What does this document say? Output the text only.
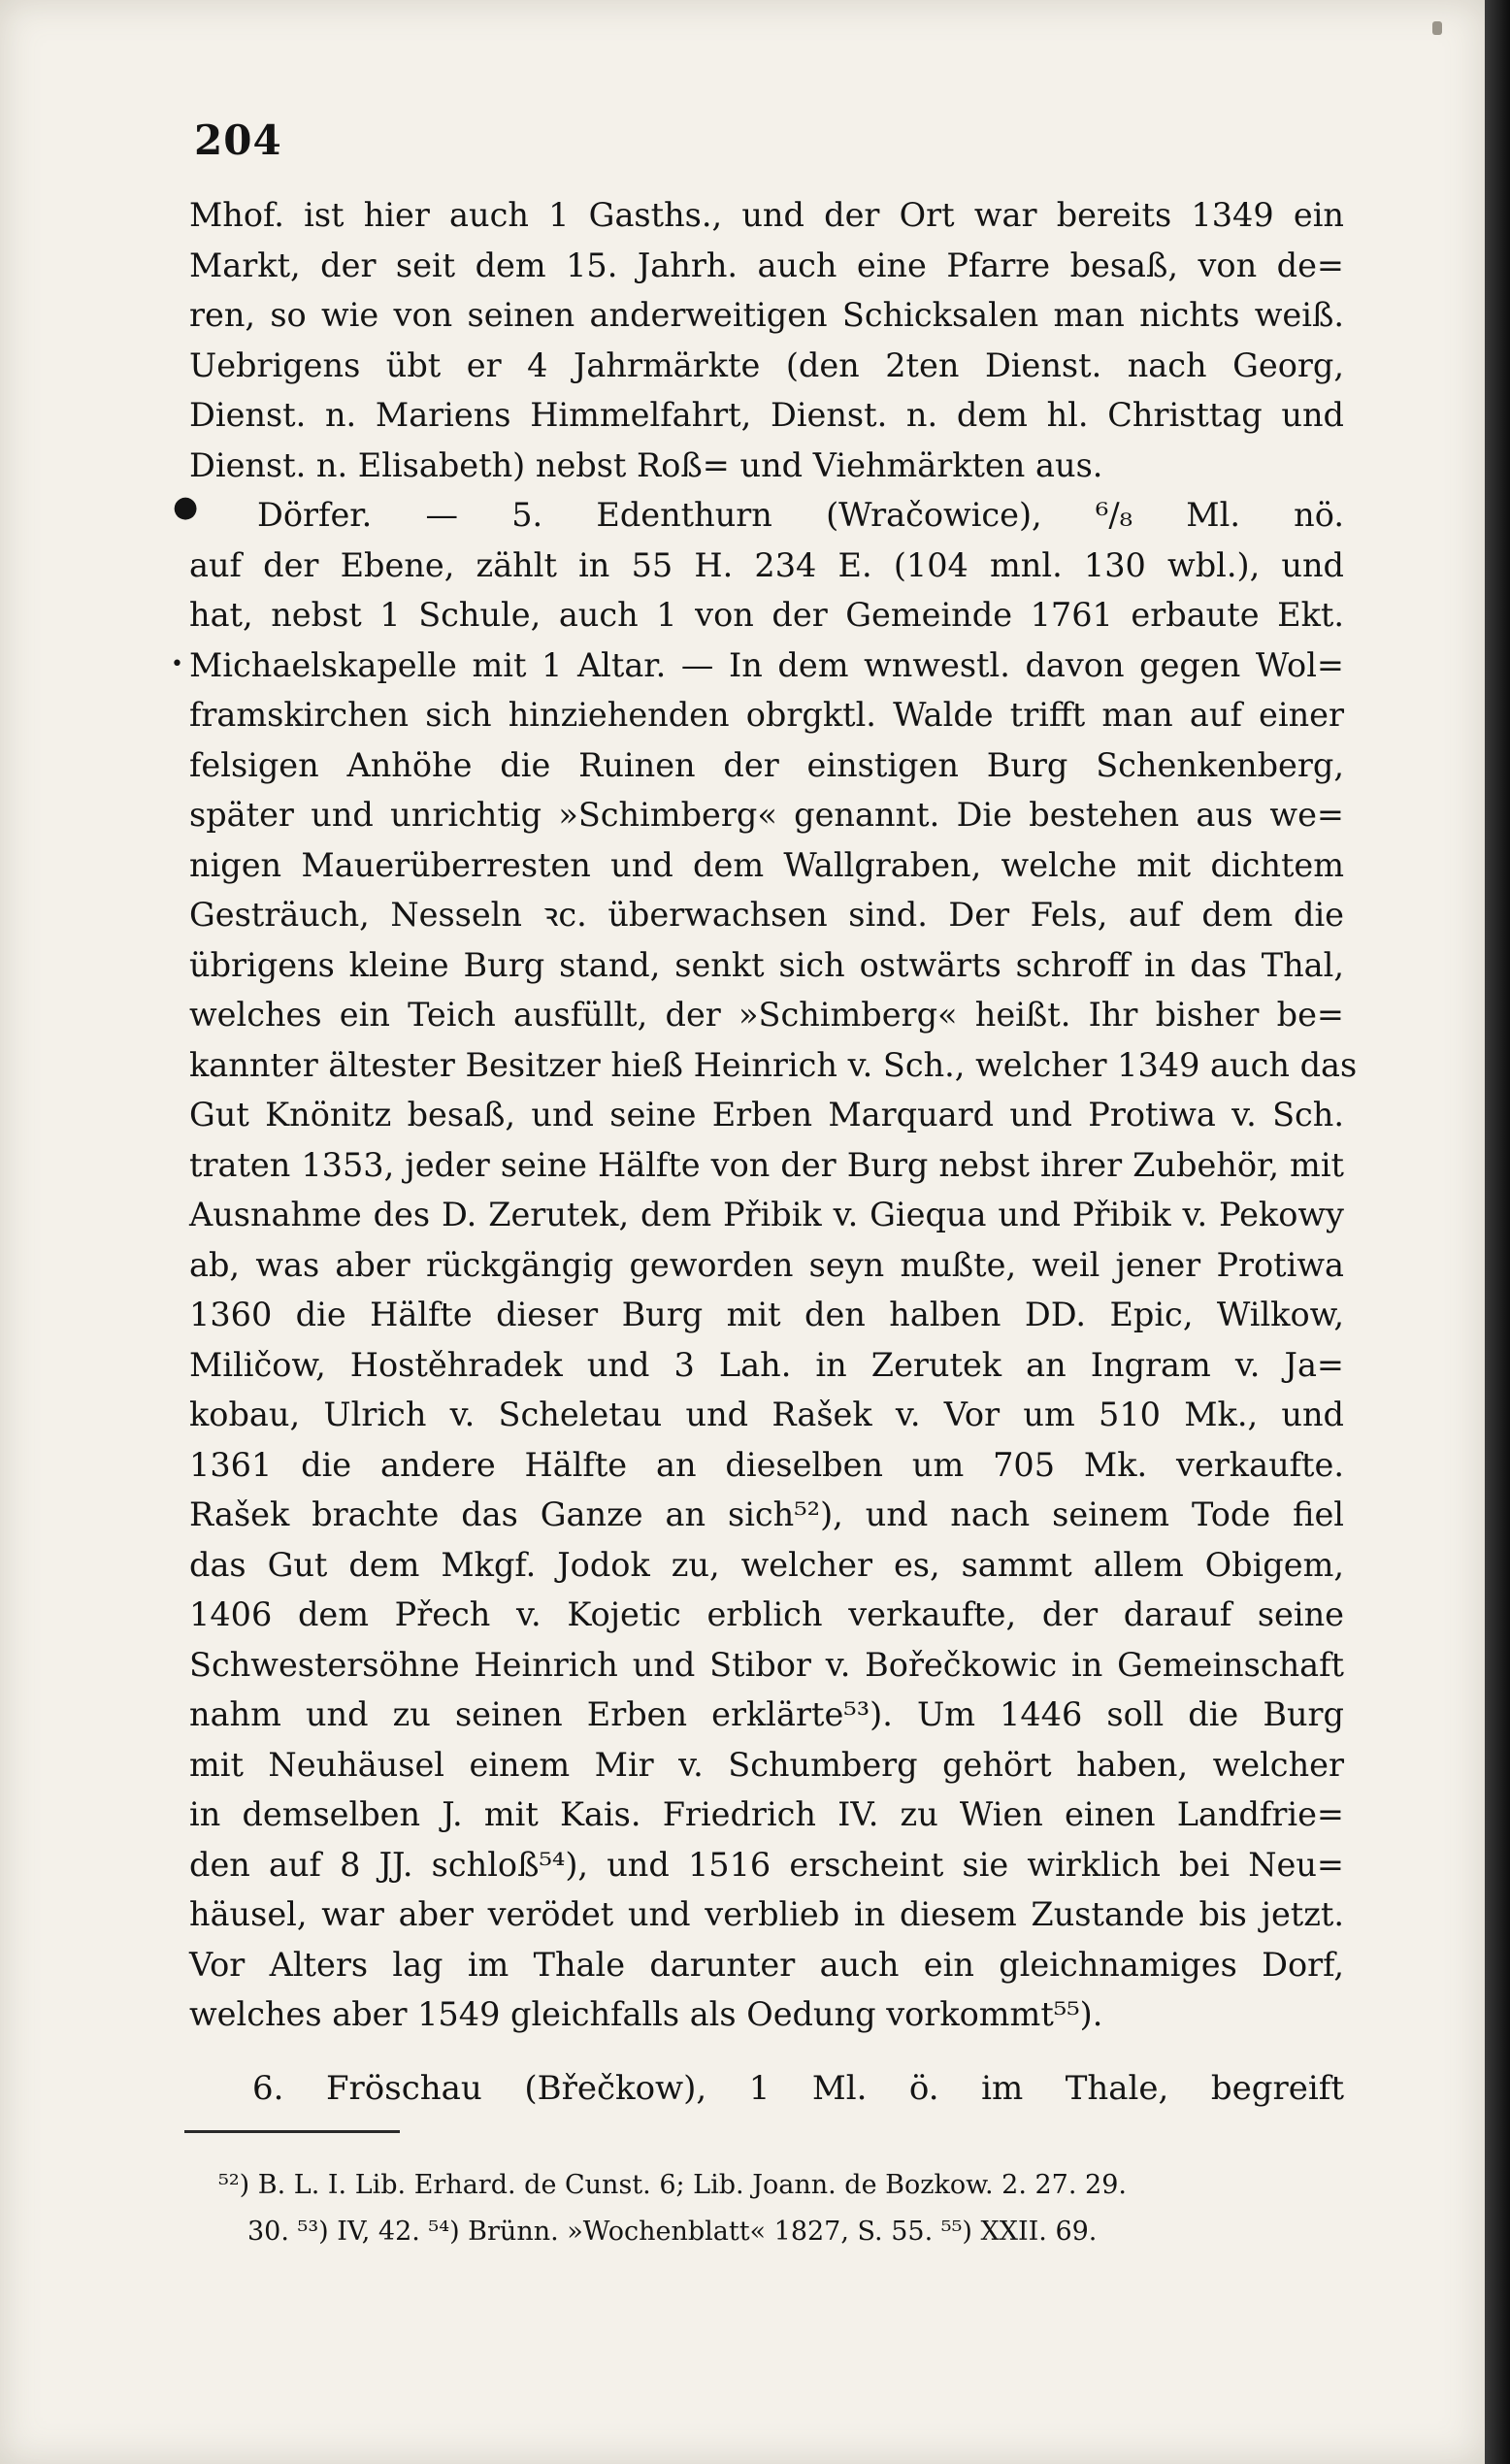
204
●
•
Mhof. ist hier auch 1 Gasths., und der Ort war bereits 1349 ein
Markt, der seit dem 15. Jahrh. auch eine Pfarre besaß, von de=
ren, so wie von seinen anderweitigen Schicksalen man nichts weiß.
Uebrigens übt er 4 Jahrmärkte (den 2ten Dienst. nach Georg,
Dienst. n. Mariens Himmelfahrt, Dienst. n. dem hl. Christtag und
Dienst. n. Elisabeth) nebst Roß= und Viehmärkten aus.
Dörfer. — 5. Edenthurn (Wračowice), ⁶/₈ Ml. nö.
auf der Ebene, zählt in 55 H. 234 E. (104 mnl. 130 wbl.), und
hat, nebst 1 Schule, auch 1 von der Gemeinde 1761 erbaute Ekt.
Michaelskapelle mit 1 Altar. — In dem wnwestl. davon gegen Wol=
framskirchen sich hinziehenden obrgktl. Walde trifft man auf einer
felsigen Anhöhe die Ruinen der einstigen Burg Schenkenberg,
später und unrichtig »Schimberg« genannt. Die bestehen aus we=
nigen Mauerüberresten und dem Wallgraben, welche mit dichtem
Gesträuch, Nesseln ꝛc. überwachsen sind. Der Fels, auf dem die
übrigens kleine Burg stand, senkt sich ostwärts schroff in das Thal,
welches ein Teich ausfüllt, der »Schimberg« heißt. Ihr bisher be=
kannter ältester Besitzer hieß Heinrich v. Sch., welcher 1349 auch das
Gut Knönitz besaß, und seine Erben Marquard und Protiwa v. Sch.
traten 1353, jeder seine Hälfte von der Burg nebst ihrer Zubehör, mit
Ausnahme des D. Zerutek, dem Přibik v. Giequa und Přibik v. Pekowy
ab, was aber rückgängig geworden seyn mußte, weil jener Protiwa
1360 die Hälfte dieser Burg mit den halben DD. Epic, Wilkow,
Miličow, Hostěhradek und 3 Lah. in Zerutek an Ingram v. Ja=
kobau, Ulrich v. Scheletau und Rašek v. Vor um 510 Mk., und
1361 die andere Hälfte an dieselben um 705 Mk. verkaufte.
Rašek brachte das Ganze an sich⁵²), und nach seinem Tode fiel
das Gut dem Mkgf. Jodok zu, welcher es, sammt allem Obigem,
1406 dem Přech v. Kojetic erblich verkaufte, der darauf seine
Schwestersöhne Heinrich und Stibor v. Bořečkowic in Gemeinschaft
nahm und zu seinen Erben erklärte⁵³). Um 1446 soll die Burg
mit Neuhäusel einem Mir v. Schumberg gehört haben, welcher
in demselben J. mit Kais. Friedrich IV. zu Wien einen Landfrie=
den auf 8 JJ. schloß⁵⁴), und 1516 erscheint sie wirklich bei Neu=
häusel, war aber verödet und verblieb in diesem Zustande bis jetzt.
Vor Alters lag im Thale darunter auch ein gleichnamiges Dorf,
welches aber 1549 gleichfalls als Oedung vorkommt⁵⁵).
6. Fröschau (Břečkow), 1 Ml. ö. im Thale, begreift
⁵²) B. L. I. Lib. Erhard. de Cunst. 6; Lib. Joann. de Bozkow. 2. 27. 29.
30. ⁵³) IV, 42. ⁵⁴) Brünn. »Wochenblatt« 1827, S. 55. ⁵⁵) XXII. 69.
